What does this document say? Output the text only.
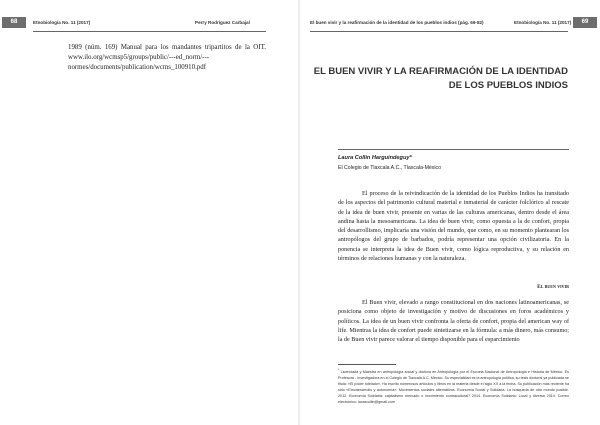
68	Etnobiología No. 11 (2017)	Perry Rodríguez Carbajal
1989 (núm. 169) Manual para los mandantes tripartitos de la OIT. www.ilo.org/wcmsp5/groups/public/---ed_norm/---normes/documents/publication/wcms_100910.pdf
El buen vivir y la reafirmación de la identidad de los pueblos indios (pág. 69-82)	Etnobiología No. 11 (2017)	69
EL BUEN VIVIR Y LA REAFIRMACIÓN DE LA IDENTIDAD DE LOS PUEBLOS INDIOS
Laura Collin Harguindeguy*
El Colegio de Tlaxcala A.C., Tlaxcala-México
El proceso de la reivindicación de la identidad de los Pueblos Indios ha transitado de los aspectos del patrimonio cultural material e inmaterial de carácter folclórico al rescate de la idea de buen vivir, presente en varias de las culturas americanas, dentro desde el área andina hasta la mesoamericana. La idea de buen vivir, como opuesta a la de confort, propia del desarrollismo, implicaría una visión del mundo, que como, en su momento plantearan los antropólogos del grupo de barbados, podría representar una opción civilizatoria. En la ponencia se interpreta la idea de Buen vivir, como lógica reproductiva, y su relación en términos de relaciones humanas y con la naturaleza.
El buen vivir
El Buen vivir, elevado a rango constitucional en dos naciones latinoamericanas, se posiciona como objeto de investigación y motivo de discusiones en foros académicos y políticos. La idea de un buen vivir confronta la oferta de confort, propia del american way of life. Mientras la idea de confort puede sintetizarse en la fórmula: a más dinero, más consumo; la de Buen vivir parece valorar el tiempo disponible para el esparcimiento
* Licenciada y Maestra en antropología social y doctora en Antropología por el Escuela Nacional de Antropología e Historia de México. Es Profesora - Investigadora en el Colegio de Tlaxcala A.C. México. Su especialidad es la antropología política, su tesis doctoral ya publicada se titula: «El poder tutelado». Ha escrito numerosos artículos y libros en la materia desde el siglo XX a la fecha. Su publicación más reciente ha sido «Etnodesarrollo y autonomía». Movimientos sociales alternativos. Economía Social y Solidaria. La búsqueda de otro mundo posible. 2012. Economía Solidaria: capitalismo mercado o movimiento contracultural? 2014. Economía Solidaria: Local y diversa 2014. Correo electrónico: lauracollin@gmail.com
